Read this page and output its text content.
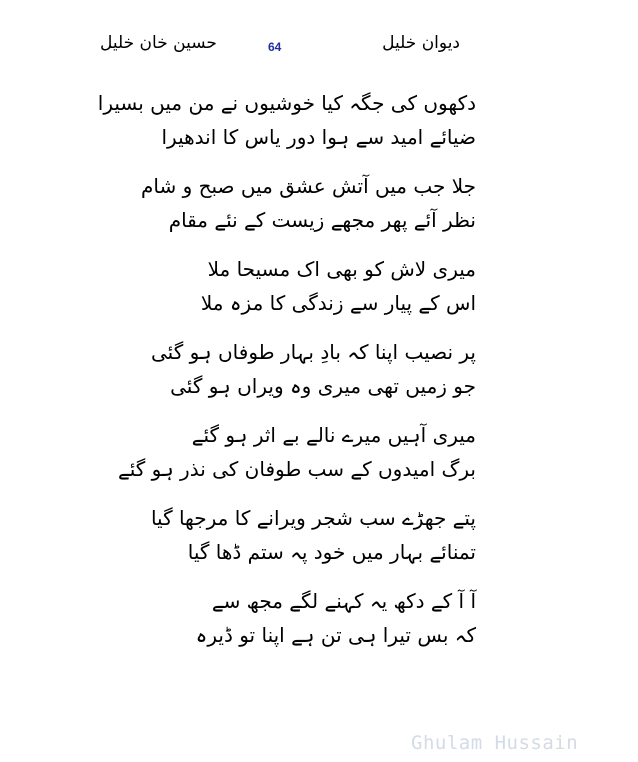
دیوان خلیل
64
حسین خان خلیل
دکھوں کی جگہ کیا خوشیوں نے من میں بسیرا
ضیائے امید سے ہوا دور یاس کا اندھیرا
جلا جب میں آتش عشق میں صبح و شام
نظر آئے پھر مجھے زیست کے نئے مقام
میری لاش کو بھی اک مسیحا ملا
اس کے پیار سے زندگی کا مزہ ملا
پر نصیب اپنا کہ بادِ بہار طوفاں ہو گئی
جو زمیں تھی میری وہ ویراں ہو گئی
میری آہیں میرے نالے بے اثر ہو گئے
برگ امیدوں کے سب طوفان کی نذر ہو گئے
پتے جھڑے سب شجر ویرانے کا مرجھا گیا
تمنائے بہار میں خود پہ ستم ڈھا گیا
آ آ کے دکھ یہ کہنے لگے مجھ سے
کہ بس تیرا ہی تن ہے اپنا تو ڈیرہ
Ghulam Hussain
